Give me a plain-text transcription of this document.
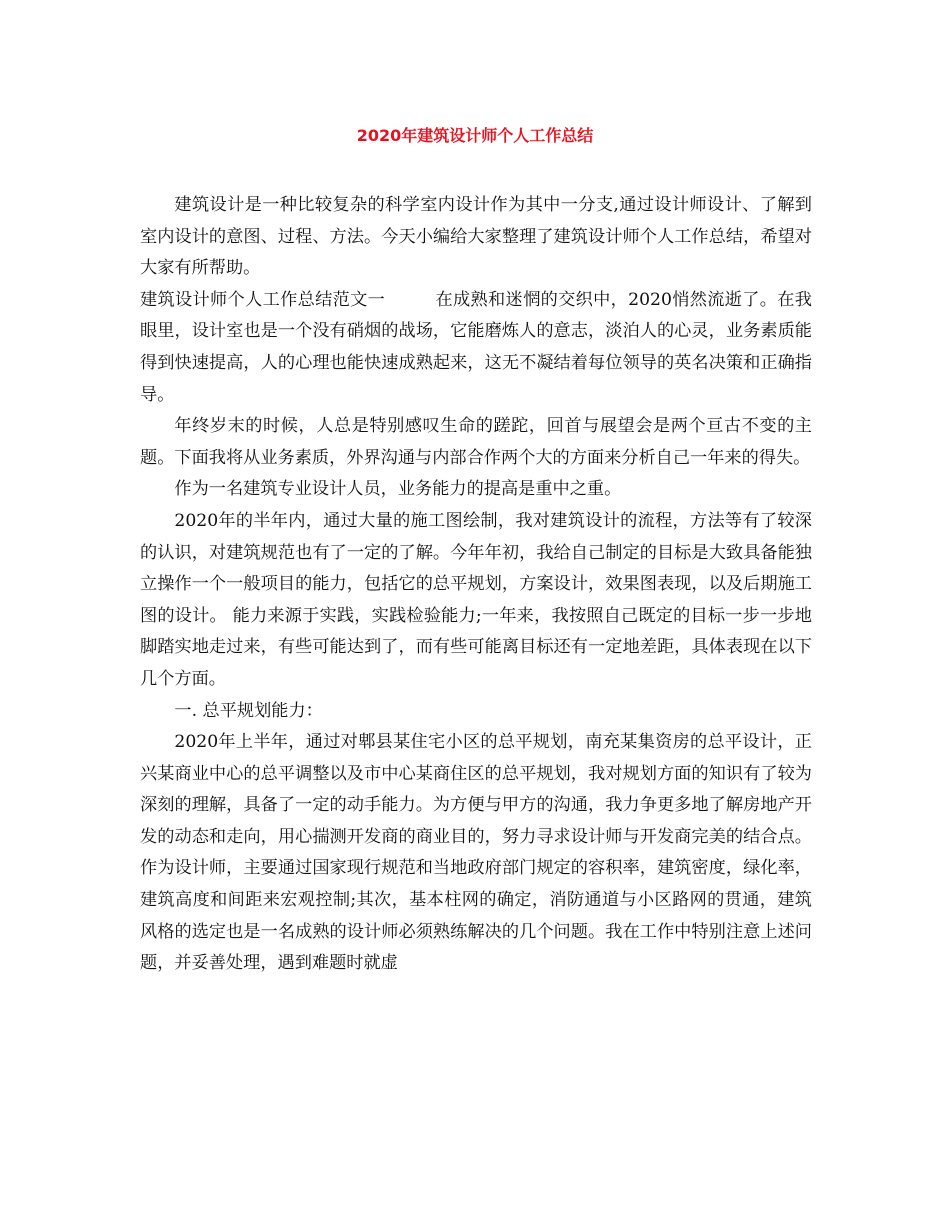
2020年建筑设计师个人工作总结

建筑设计是一种比较复杂的科学室内设计作为其中一分支,通过设计师设计、了解到室内设计的意图、过程、方法。今天小编给大家整理了建筑设计师个人工作总结，希望对大家有所帮助。

建筑设计师个人工作总结范文一	在成熟和迷惘的交织中，2020悄然流逝了。在我眼里，设计室也是一个没有硝烟的战场，它能磨炼人的意志，淡泊人的心灵，业务素质能得到快速提高，人的心理也能快速成熟起来，这无不凝结着每位领导的英名决策和正确指导。

年终岁末的时候，人总是特别感叹生命的蹉跎，回首与展望会是两个亘古不变的主题。下面我将从业务素质，外界沟通与内部合作两个大的方面来分析自己一年来的得失。

作为一名建筑专业设计人员，业务能力的提高是重中之重。

2020年的半年内，通过大量的施工图绘制，我对建筑设计的流程，方法等有了较深的认识，对建筑规范也有了一定的了解。今年年初，我给自己制定的目标是大致具备能独立操作一个一般项目的能力，包括它的总平规划，方案设计，效果图表现，以及后期施工图的设计。 能力来源于实践，实践检验能力;一年来，我按照自己既定的目标一步一步地脚踏实地走过来，有些可能达到了，而有些可能离目标还有一定地差距，具体表现在以下几个方面。

一. 总平规划能力：

2020年上半年，通过对郫县某住宅小区的总平规划，南充某集资房的总平设计，正兴某商业中心的总平调整以及市中心某商住区的总平规划，我对规划方面的知识有了较为深刻的理解，具备了一定的动手能力。为方便与甲方的沟通，我力争更多地了解房地产开发的动态和走向，用心揣测开发商的商业目的，努力寻求设计师与开发商完美的结合点。作为设计师，主要通过国家现行规范和当地政府部门规定的容积率，建筑密度，绿化率，建筑高度和间距来宏观控制;其次，基本柱网的确定，消防通道与小区路网的贯通，建筑风格的选定也是一名成熟的设计师必须熟练解决的几个问题。我在工作中特别注意上述问题，并妥善处理，遇到难题时就虚
